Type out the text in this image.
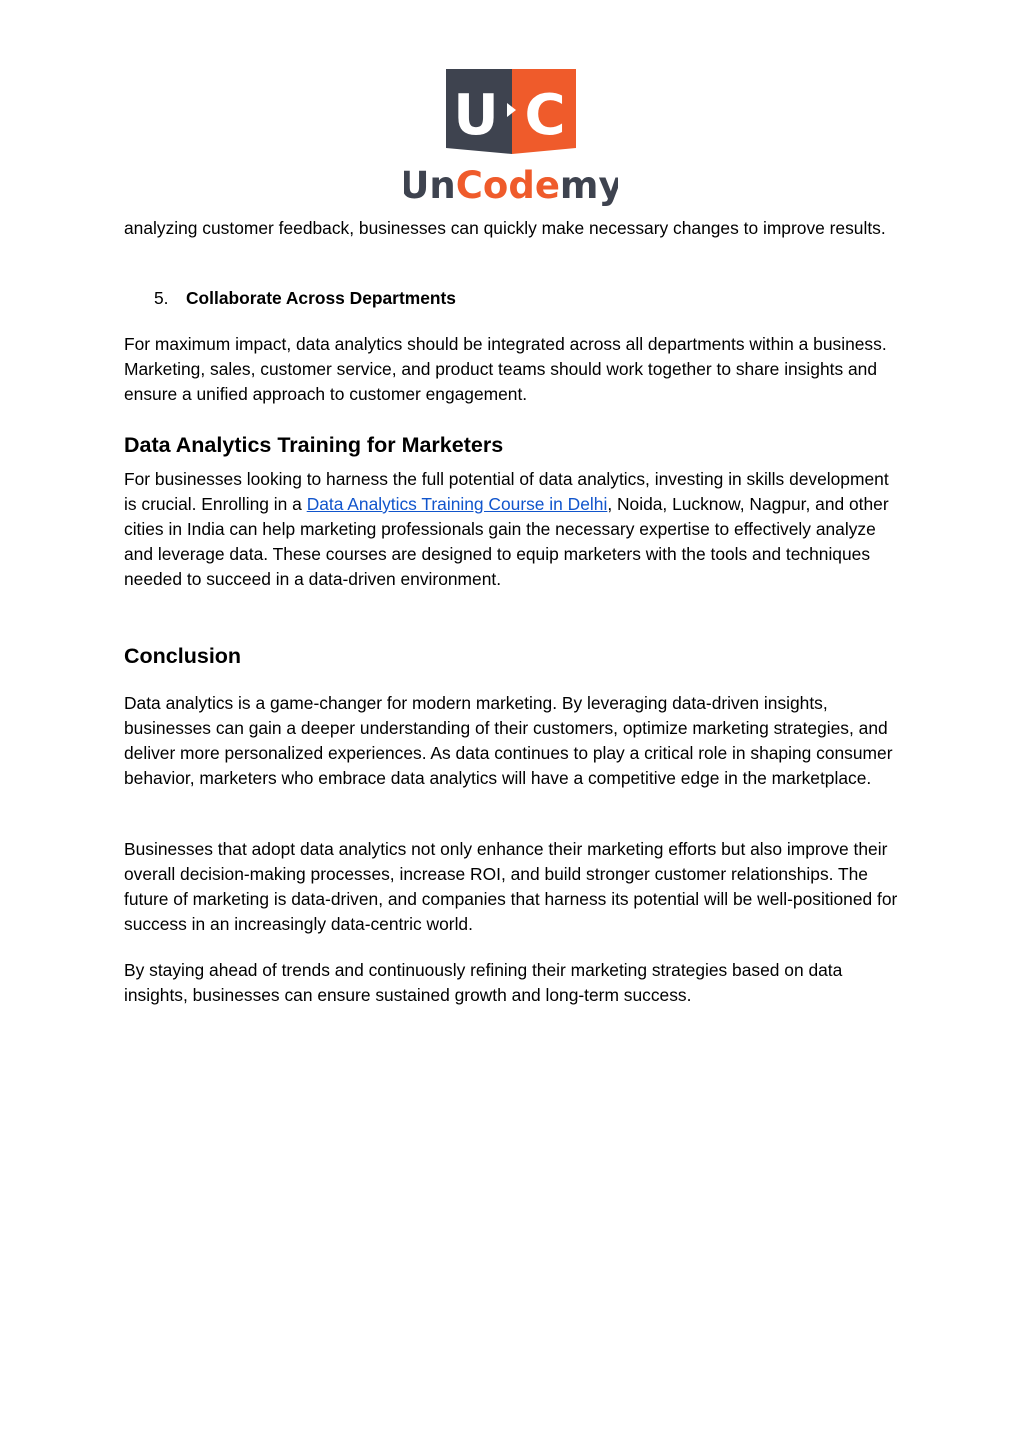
U C
UnCodemy

analyzing customer feedback, businesses can quickly make necessary changes to improve results.

5. Collaborate Across Departments

For maximum impact, data analytics should be integrated across all departments within a business. Marketing, sales, customer service, and product teams should work together to share insights and ensure a unified approach to customer engagement.

Data Analytics Training for Marketers

For businesses looking to harness the full potential of data analytics, investing in skills development is crucial. Enrolling in a Data Analytics Training Course in Delhi, Noida, Lucknow, Nagpur, and other cities in India can help marketing professionals gain the necessary expertise to effectively analyze and leverage data. These courses are designed to equip marketers with the tools and techniques needed to succeed in a data-driven environment.

Conclusion

Data analytics is a game-changer for modern marketing. By leveraging data-driven insights, businesses can gain a deeper understanding of their customers, optimize marketing strategies, and deliver more personalized experiences. As data continues to play a critical role in shaping consumer behavior, marketers who embrace data analytics will have a competitive edge in the marketplace.

Businesses that adopt data analytics not only enhance their marketing efforts but also improve their overall decision-making processes, increase ROI, and build stronger customer relationships. The future of marketing is data-driven, and companies that harness its potential will be well-positioned for success in an increasingly data-centric world.

By staying ahead of trends and continuously refining their marketing strategies based on data insights, businesses can ensure sustained growth and long-term success.
